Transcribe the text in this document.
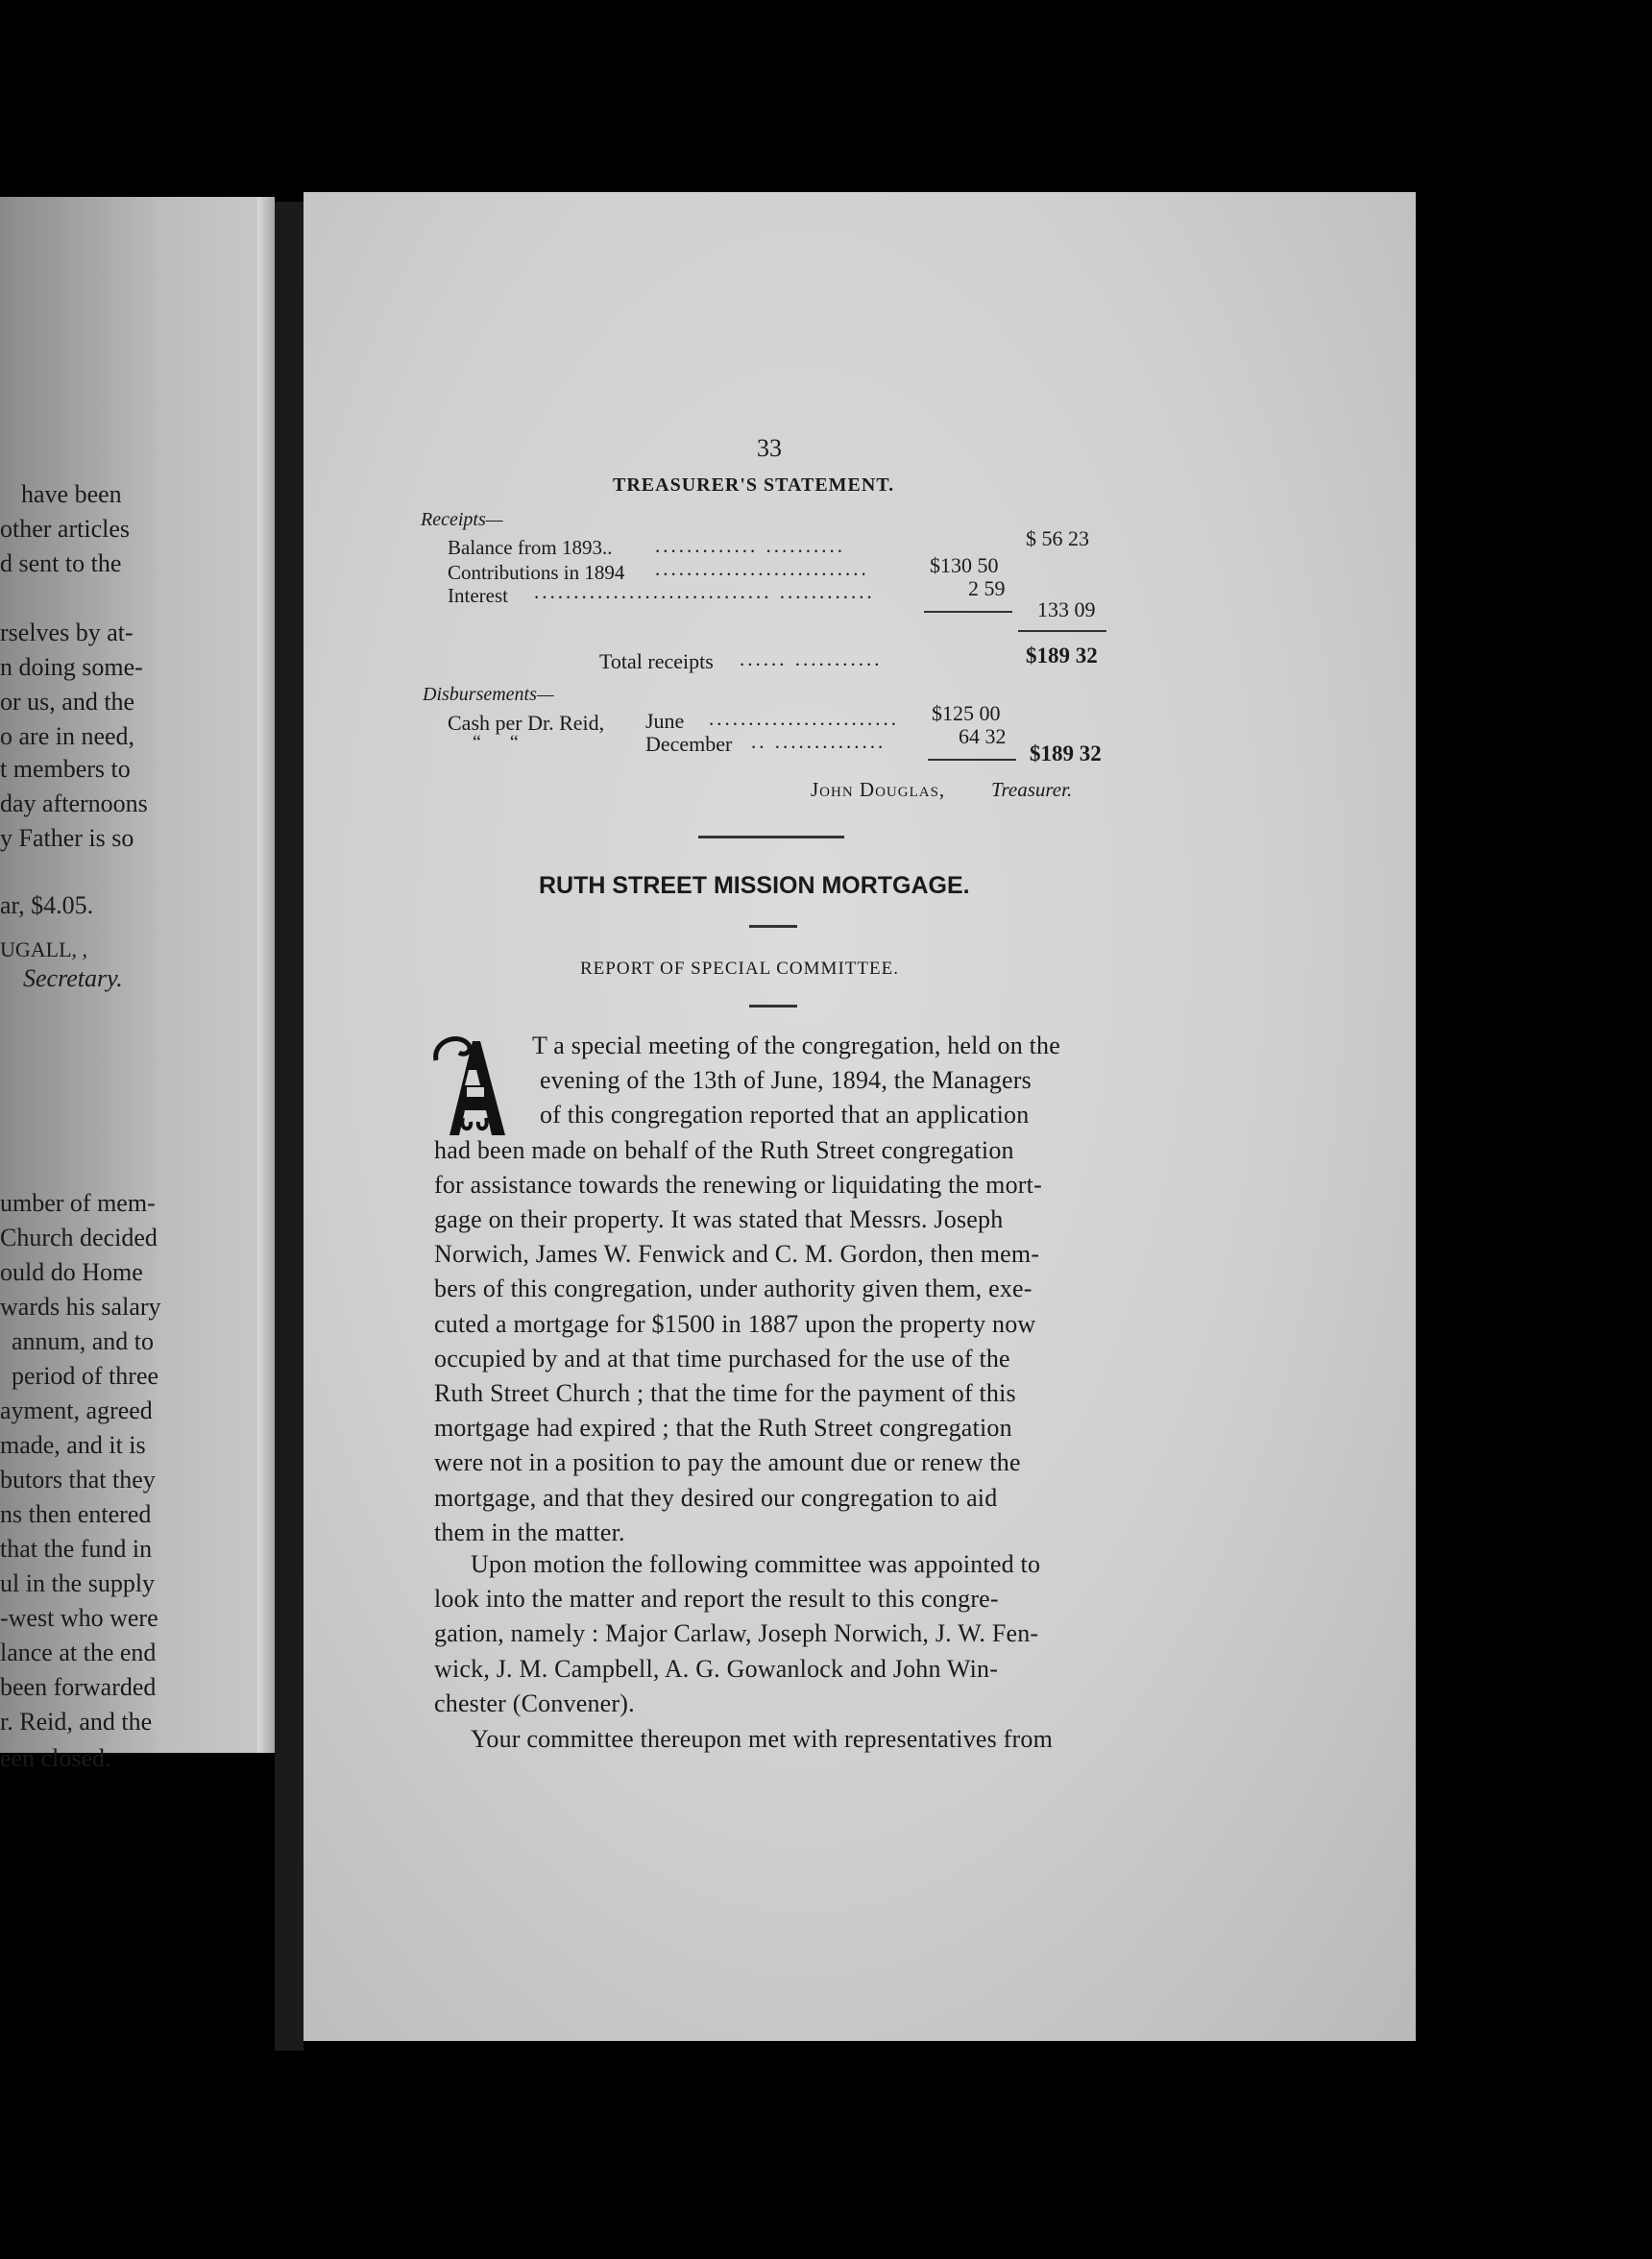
have been
other articles
d sent to the
rselves by at-
n doing some-
or us, and the
o are in need,
t members to
day afternoons
y Father is so
ar, $4.05.
UGALL, ,
Secretary.
umber of mem-
Church decided
ould do Home
wards his salary
annum, and to
period of three
ayment, agreed
made, and it is
butors that they
ns then entered
that the fund in
ul in the supply
-west who were
lance at the end
been forwarded
r. Reid, and the
een closed.
33
TREASURER'S STATEMENT.
Receipts—
Balance from 1893.. ............. ..........	$ 56 23
Contributions in 1894 ...........................	$130 50
Interest .............................. ............	2 59
133 09
Total receipts ...... ...........	$189 32
Disbursements—
Cash per Dr. Reid, June ........................ $125 00
“      “	December .. ..............	64 32
$189 32
John Douglas, Treasurer.
RUTH STREET MISSION MORTGAGE.
REPORT OF SPECIAL COMMITTEE.
T a special meeting of the congregation, held on the
evening of the 13th of June, 1894, the Managers
of this congregation reported that an application
had been made on behalf of the Ruth Street congregation
for assistance towards the renewing or liquidating the mort-
gage on their property. It was stated that Messrs. Joseph
Norwich, James W. Fenwick and C. M. Gordon, then mem-
bers of this congregation, under authority given them, exe-
cuted a mortgage for $1500 in 1887 upon the property now
occupied by and at that time purchased for the use of the
Ruth Street Church ; that the time for the payment of this
mortgage had expired ; that the Ruth Street congregation
were not in a position to pay the amount due or renew the
mortgage, and that they desired our congregation to aid
them in the matter.
Upon motion the following committee was appointed to
look into the matter and report the result to this congre-
gation, namely : Major Carlaw, Joseph Norwich, J. W. Fen-
wick, J. M. Campbell, A. G. Gowanlock and John Win-
chester (Convener).
Your committee thereupon met with representatives from
